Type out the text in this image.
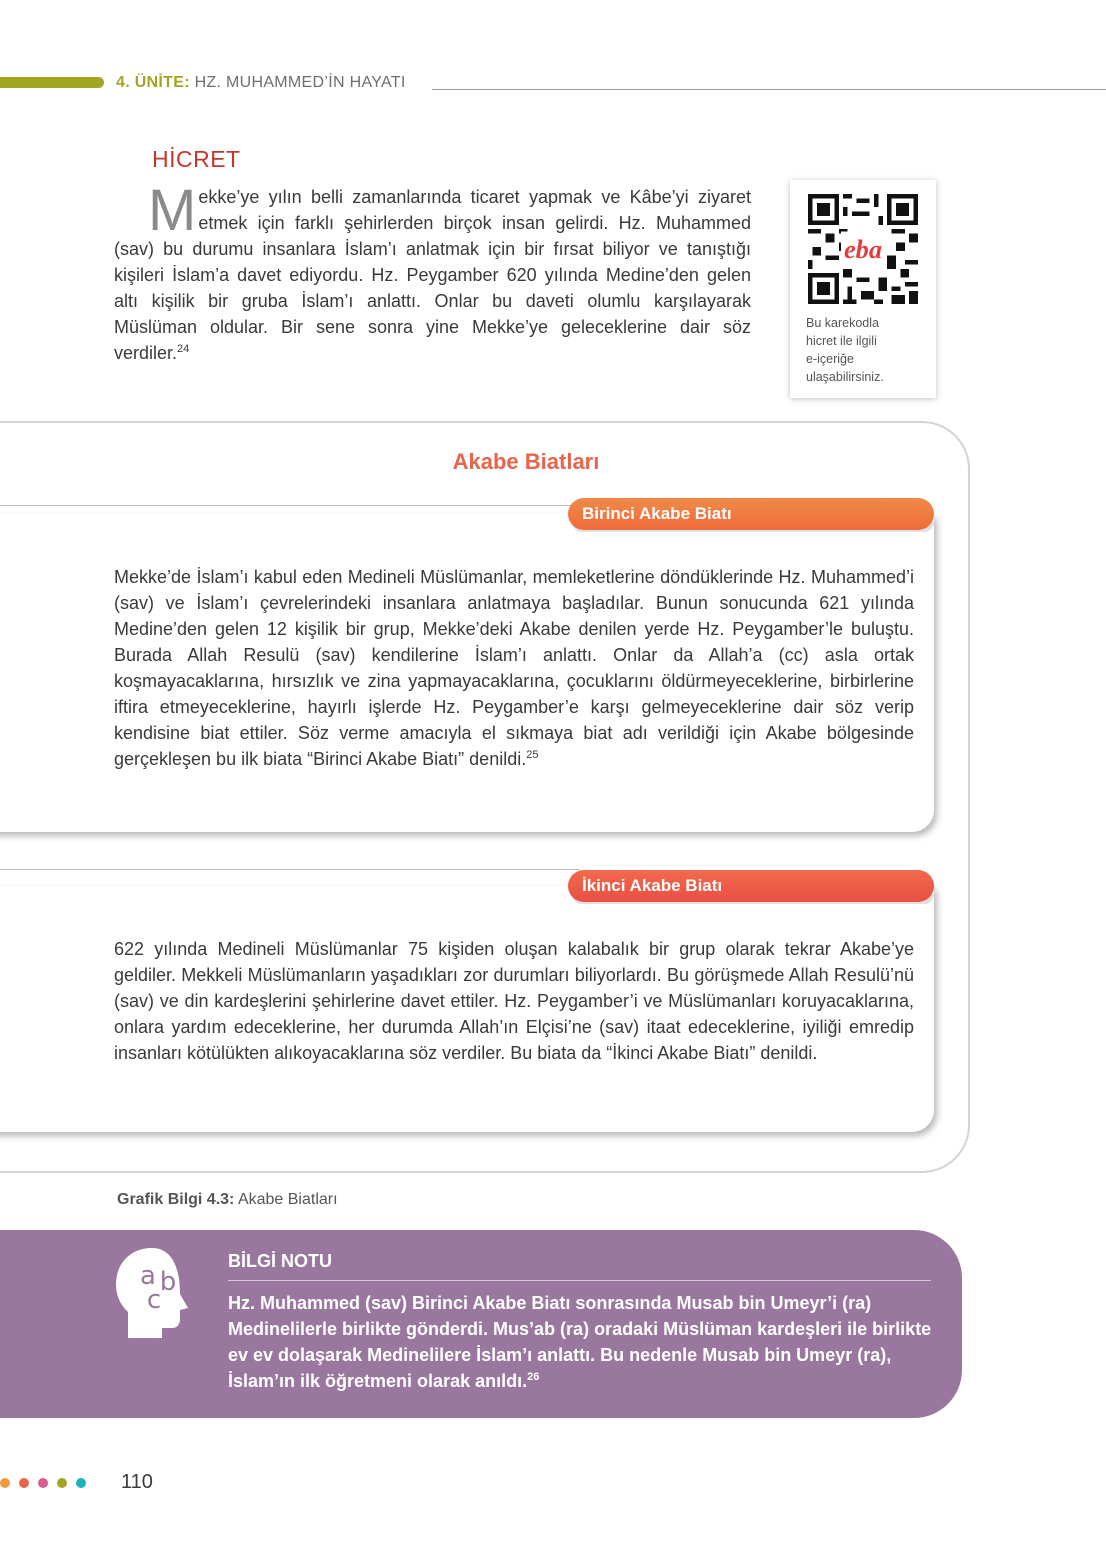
4. ÜNİTE: HZ. MUHAMMED’İN HAYATI
HİCRET
Mekke’ye yılın belli zamanlarında ticaret yapmak ve Kâbe’yi ziyaret etmek için farklı şehirlerden birçok insan gelirdi. Hz. Muhammed (sav) bu durumu insanlara İslam’ı anlatmak için bir fırsat biliyor ve tanıştığı kişileri İslam’a davet ediyordu. Hz. Peygamber 620 yılında Medine’den gelen altı kişilik bir gruba İslam’ı anlattı. Onlar bu daveti olumlu karşılayarak Müslüman oldular. Bir sene sonra yine Mekke’ye geleceklerine dair söz verdiler.$^{24}$
eba
Bu karekodla
hicret ile ilgili
e-içeriğe
ulaşabilirsiniz.
Akabe Biatları
Birinci Akabe Biatı
Mekke’de İslam’ı kabul eden Medineli Müslümanlar, memleketlerine döndüklerinde Hz. Muhammed’i (sav) ve İslam’ı çevrelerindeki insanlara anlatmaya başladılar. Bunun sonucunda 621 yılında Medine’den gelen 12 kişilik bir grup, Mekke’deki Akabe denilen yerde Hz. Peygamber’le buluştu. Burada Allah Resulü (sav) kendilerine İslam’ı anlattı. Onlar da Allah’a (cc) asla ortak koşmayacaklarına, hırsızlık ve zina yapmayacaklarına, çocuklarını öldürmeyeceklerine, birbirlerine iftira etmeyeceklerine, hayırlı işlerde Hz. Peygamber’e karşı gelmeyeceklerine dair söz verip kendisine biat ettiler. Söz verme amacıyla el sıkmaya biat adı verildiği için Akabe bölgesinde gerçekleşen bu ilk biata “Birinci Akabe Biatı” denildi.$^{25}$
İkinci Akabe Biatı
622 yılında Medineli Müslümanlar 75 kişiden oluşan kalabalık bir grup olarak tekrar Akabe’ye geldiler. Mekkeli Müslümanların yaşadıkları zor durumları biliyorlardı. Bu görüşmede Allah Resulü’nü (sav) ve din kardeşlerini şehirlerine davet ettiler. Hz. Peygamber’i ve Müslümanları koruyacaklarına, onlara yardım edeceklerine, her durumda Allah’ın Elçisi’ne (sav) itaat edeceklerine, iyiliği emredip insanları kötülükten alıkoyacaklarına söz verdiler. Bu biata da “İkinci Akabe Biatı” denildi.
Grafik Bilgi 4.3: Akabe Biatları
a b
c
BİLGİ NOTU
Hz. Muhammed (sav) Birinci Akabe Biatı sonrasında Musab bin Umeyr’i (ra) Medinelilerle birlikte gönderdi. Mus’ab (ra) oradaki Müslüman kardeşleri ile birlikte ev ev dolaşarak Medinelilere İslam’ı anlattı. Bu nedenle Musab bin Umeyr (ra), İslam’ın ilk öğretmeni olarak anıldı.$^{26}$
110
